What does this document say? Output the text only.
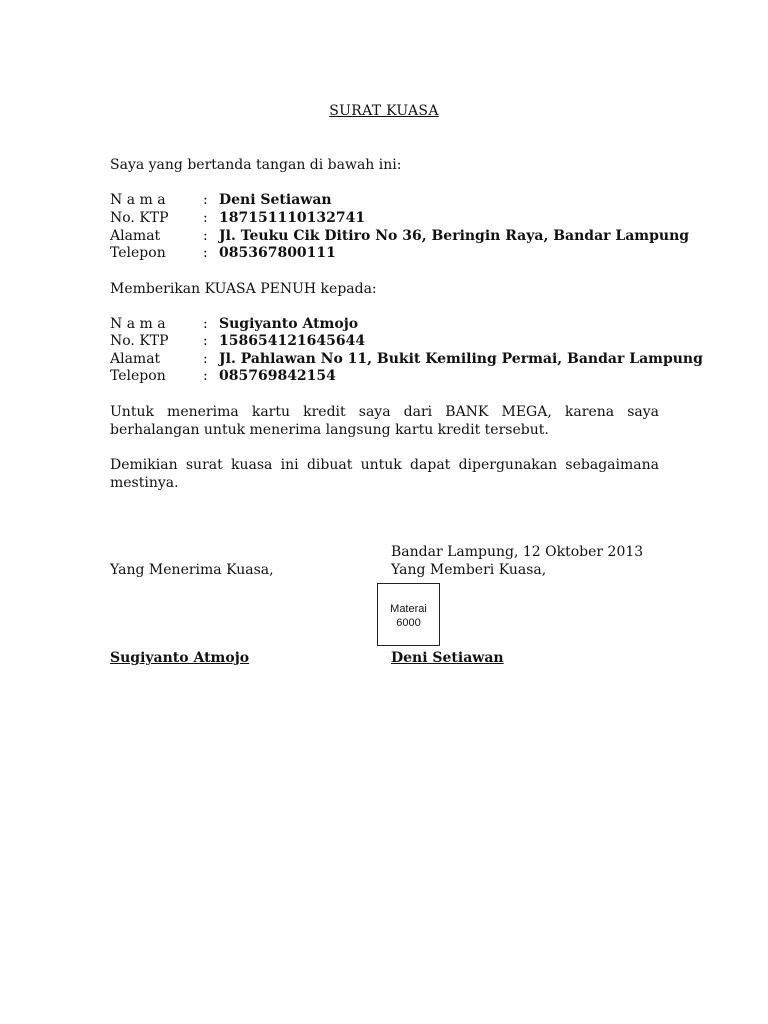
SURAT KUASA
Saya yang bertanda tangan di bawah ini:
N a m a	: Deni Setiawan
No. KTP : 187151110132741
Alamat	: Jl. Teuku Cik Ditiro No 36, Beringin Raya, Bandar Lampung
Telepon	: 085367800111
Memberikan KUASA PENUH kepada:
N a m a	: Sugiyanto Atmojo
No. KTP : 158654121645644
Alamat	: Jl. Pahlawan No 11, Bukit Kemiling Permai, Bandar Lampung
Telepon	: 085769842154
Untuk menerima kartu kredit saya dari BANK MEGA, karena saya
berhalangan untuk menerima langsung kartu kredit tersebut.
Demikian surat kuasa ini dibuat untuk dapat dipergunakan sebagaimana
mestinya.
Bandar Lampung, 12 Oktober 2013
Yang Menerima Kuasa,	Yang Memberi Kuasa,
Materai
6000
Sugiyanto Atmojo	Deni Setiawan
